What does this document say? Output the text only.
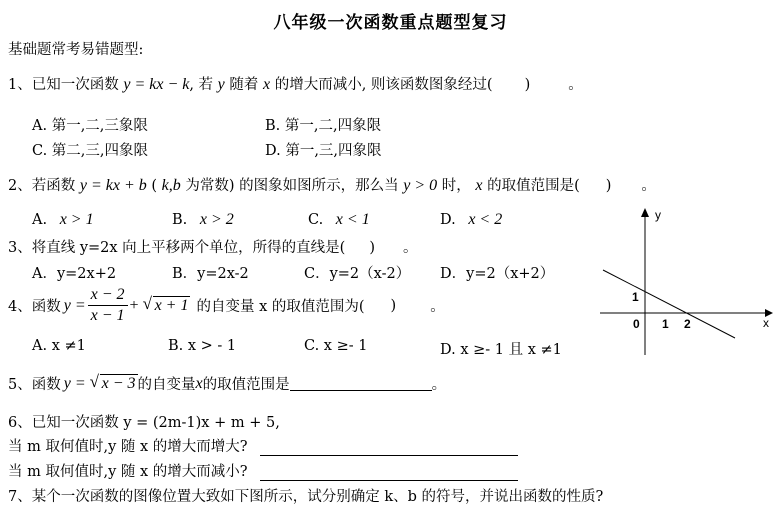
八年级一次函数重点题型复习
基础题常考易错题型:
1、已知一次函数 y = kx − k, 若 y 随着 x 的增大而减小, 则该函数图象经过( )	。
A. 第一,二,三象限	B. 第一,二,四象限
C. 第二,三,四象限	D. 第一,三,四象限
2、若函数 y = kx + b ( k,b 为常数) 的图象如图所示，那么当 y > 0 时， x 的取值范围是( ) 。
A. x > 1	B. x > 2	C. x < 1	D. x < 2
3、将直线 y=2x 向上平移两个单位，所得的直线是( ) 。
A．y=2x+2	B．y=2x-2	C．y=2（x-2） D．y=2（x+2）
4、函数 $y = \frac{x - 2}{x - 1}$ + √ x + 1 的自变量 x 的取值范围为( ) 。
A. x ≠1	B. x > - 1	C. x ≥- 1	D. x ≥- 1 且 x ≠1
5、函数 y = √ x − 3 的自变量 x 的取值范围是	。
6、已知一次函数 y = (2m-1)x + m + 5,
当 m 取何值时,y 随 x 的增大而增大?
当 m 取何值时,y 随 x 的增大而减小?
7、某个一次函数的图像位置大致如下图所示，试分别确定 k、b 的符号，并说出函数的性质?
y
x
0 1 2
1
